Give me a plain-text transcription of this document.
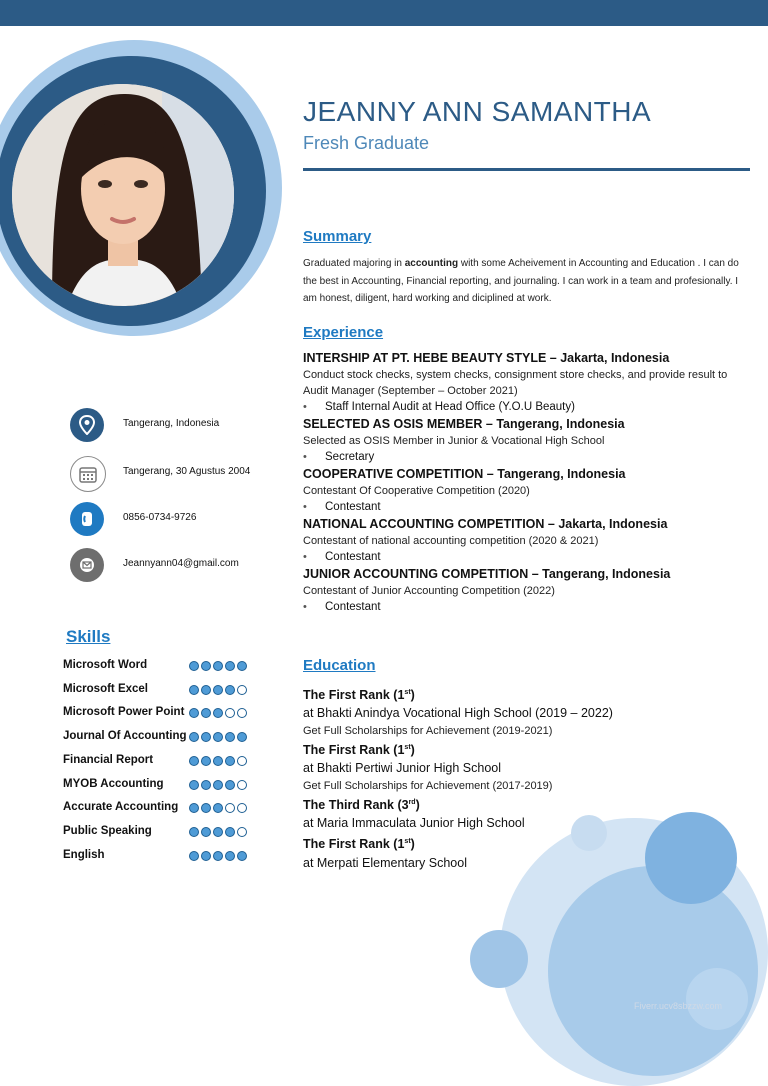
JEANNY ANN SAMANTHA
Fresh Graduate
Summary
Graduated majoring in accounting with some Acheivement in Accounting and Education . I can do the best in Accounting, Financial reporting, and journaling. I can work in a team and profesionally. I am honest, diligent, hard working and diciplined at work.
Experience
INTERSHIP AT PT. HEBE BEAUTY STYLE – Jakarta, Indonesia
Conduct stock checks, system checks, consignment store checks, and provide result to Audit Manager (September – October 2021)
• Staff Internal Audit at Head Office (Y.O.U Beauty)
SELECTED AS OSIS MEMBER – Tangerang, Indonesia
Selected as OSIS Member in Junior & Vocational High School
• Secretary
COOPERATIVE COMPETITION – Tangerang, Indonesia
Contestant Of Cooperative Competition (2020)
• Contestant
NATIONAL ACCOUNTING COMPETITION – Jakarta, Indonesia
Contestant of national accounting competition (2020 & 2021)
• Contestant
JUNIOR ACCOUNTING COMPETITION – Tangerang, Indonesia
Contestant of Junior Accounting Competition (2022)
• Contestant
Education
The First Rank (1st)
at Bhakti Anindya Vocational High School (2019 – 2022)
Get Full Scholarships for Achievement (2019-2021)
The First Rank (1st)
at Bhakti Pertiwi Junior High School
Get Full Scholarships for Achievement (2017-2019)
The Third Rank (3rd)
at Maria Immaculata Junior High School
The First Rank (1st)
at Merpati Elementary School
Tangerang, Indonesia
Tangerang, 30 Agustus 2004
0856-0734-9726
Jeannyann04@gmail.com
Skills
Microsoft Word
Microsoft Excel
Microsoft Power Point
Journal Of Accounting
Financial Report
MYOB Accounting
Accurate Accounting
Public Speaking
English
Fiverr.ucv8sbzzw.com
